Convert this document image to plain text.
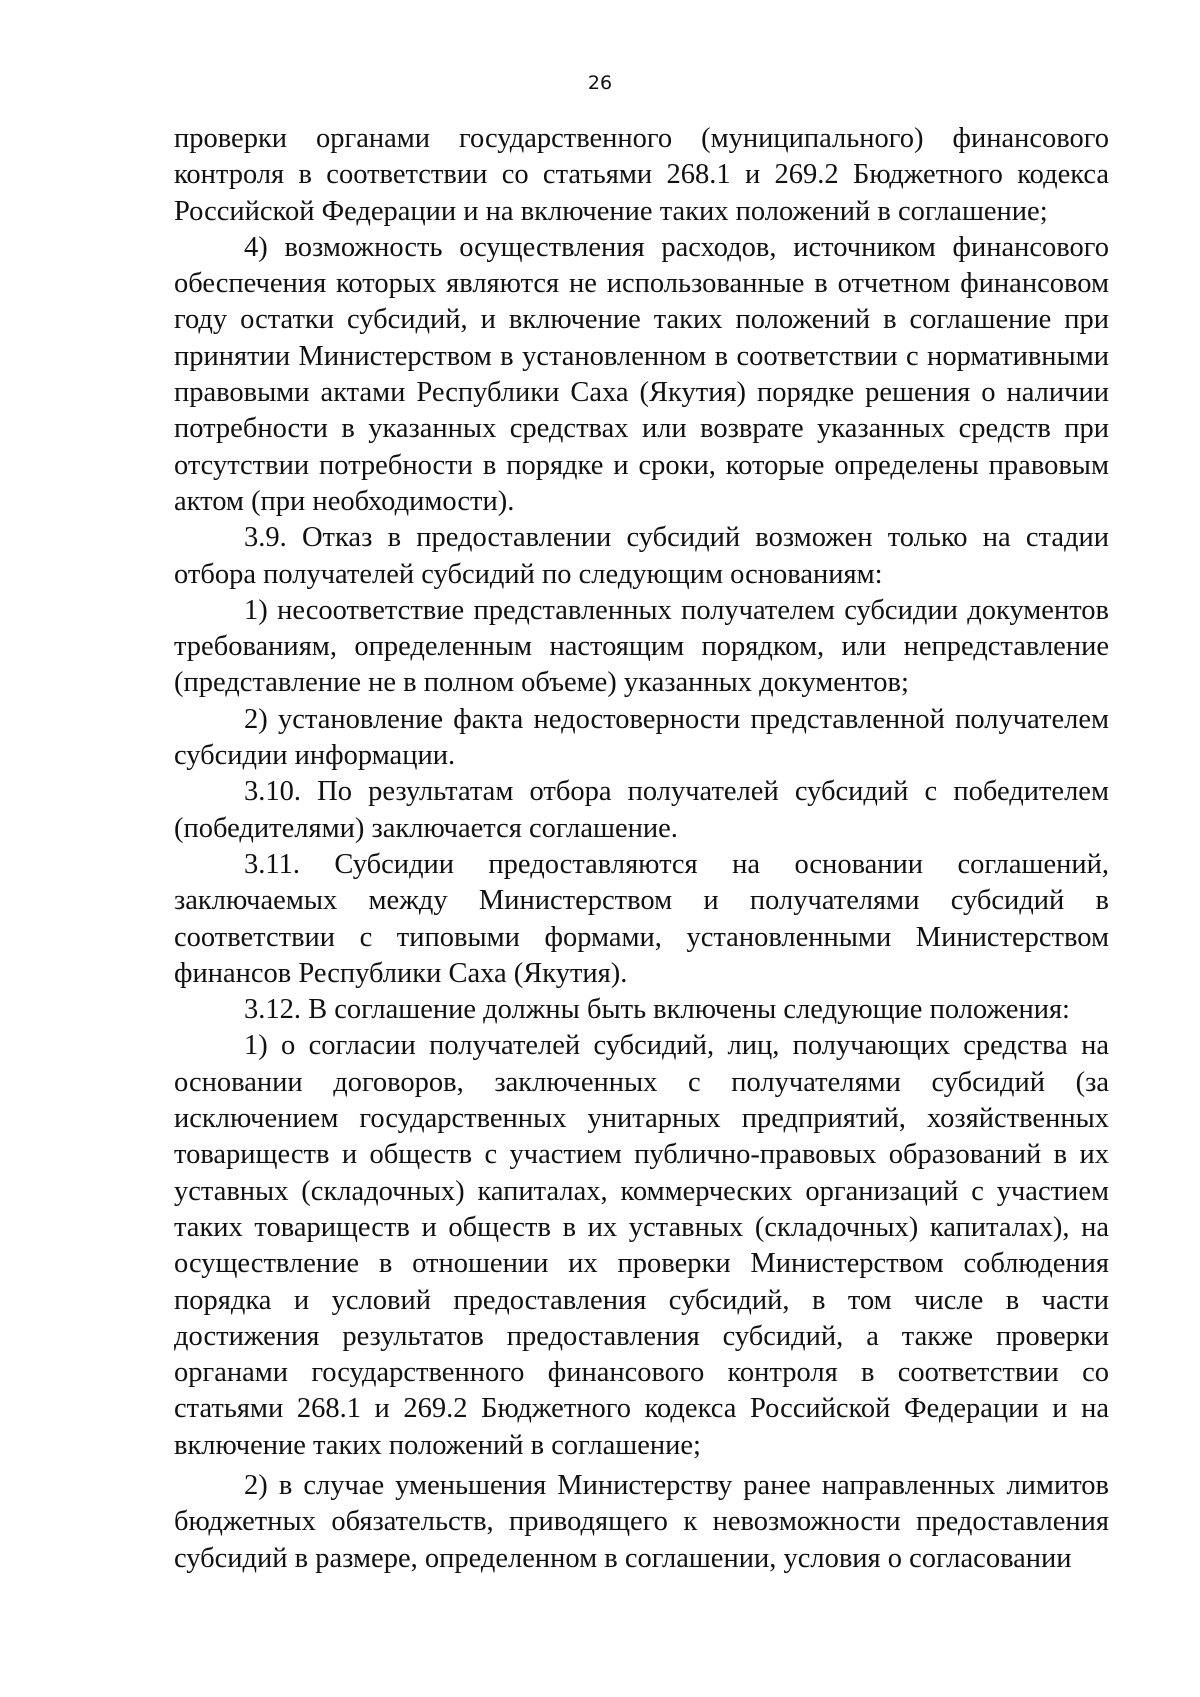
26

проверки органами государственного (муниципального) финансового контроля в соответствии со статьями 268.1 и 269.2 Бюджетного кодекса Российской Федерации и на включение таких положений в соглашение;

4) возможность осуществления расходов, источником финансового обеспечения которых являются не использованные в отчетном финансовом году остатки субсидий, и включение таких положений в соглашение при принятии Министерством в установленном в соответствии с нормативными правовыми актами Республики Саха (Якутия) порядке решения о наличии потребности в указанных средствах или возврате указанных средств при отсутствии потребности в порядке и сроки, которые определены правовым актом (при необходимости).

3.9. Отказ в предоставлении субсидий возможен только на стадии отбора получателей субсидий по следующим основаниям:

1) несоответствие представленных получателем субсидии документов требованиям, определенным настоящим порядком, или непредставление (представление не в полном объеме) указанных документов;

2) установление факта недостоверности представленной получателем субсидии информации.

3.10. По результатам отбора получателей субсидий с победителем (победителями) заключается соглашение.

3.11. Субсидии предоставляются на основании соглашений, заключаемых между Министерством и получателями субсидий в соответствии с типовыми формами, установленными Министерством финансов Республики Саха (Якутия).

3.12. В соглашение должны быть включены следующие положения:

1) о согласии получателей субсидий, лиц, получающих средства на основании договоров, заключенных с получателями субсидий (за исключением государственных унитарных предприятий, хозяйственных товариществ и обществ с участием публично-правовых образований в их уставных (складочных) капиталах, коммерческих организаций с участием таких товариществ и обществ в их уставных (складочных) капиталах), на осуществление в отношении их проверки Министерством соблюдения порядка и условий предоставления субсидий, в том числе в части достижения результатов предоставления субсидий, а также проверки органами государственного финансового контроля в соответствии со статьями 268.1 и 269.2 Бюджетного кодекса Российской Федерации и на включение таких положений в соглашение;

2) в случае уменьшения Министерству ранее направленных лимитов бюджетных обязательств, приводящего к невозможности предоставления субсидий в размере, определенном в соглашении, условия о согласовании
